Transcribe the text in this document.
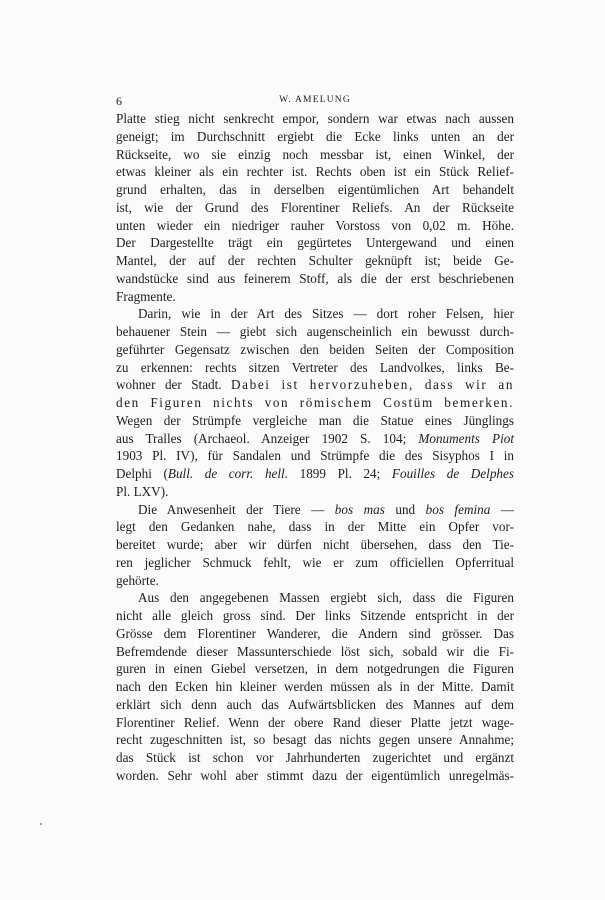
6	W. AMELUNG

Platte stieg nicht senkrecht empor, sondern war etwas nach aussen
geneigt; im Durchschnitt ergiebt die Ecke links unten an der
Rückseite, wo sie einzig noch messbar ist, einen Winkel, der
etwas kleiner als ein rechter ist. Rechts oben ist ein Stück Relief-
grund erhalten, das in derselben eigentümlichen Art behandelt
ist, wie der Grund des Florentiner Reliefs. An der Rückseite
unten wieder ein niedriger rauher Vorstoss von 0,02 m. Höhe.
Der Dargestellte trägt ein gegürtetes Untergewand und einen
Mantel, der auf der rechten Schulter geknüpft ist; beide Ge-
wandstücke sind aus feinerem Stoff, als die der erst beschriebenen
Fragmente.

Darin, wie in der Art des Sitzes — dort roher Felsen, hier
behauener Stein — giebt sich augenscheinlich ein bewusst durch-
geführter Gegensatz zwischen den beiden Seiten der Composition
zu erkennen: rechts sitzen Vertreter des Landvolkes, links Be-
wohner der Stadt. Dabei ist hervorzuheben, dass wir an
den Figuren nichts von römischem Costüm bemerken.
Wegen der Strümpfe vergleiche man die Statue eines Jünglings
aus Tralles (Archaeol. Anzeiger 1902 S. 104; Monuments Piot
1903 Pl. IV), für Sandalen und Strümpfe die des Sisyphos I in
Delphi (Bull. de corr. hell. 1899 Pl. 24; Fouilles de Delphes
Pl. LXV).

Die Anwesenheit der Tiere — bos mas und bos femina —
legt den Gedanken nahe, dass in der Mitte ein Opfer vor-
bereitet wurde; aber wir dürfen nicht übersehen, dass den Tie-
ren jeglicher Schmuck fehlt, wie er zum officiellen Opferritual
gehörte.

Aus den angegebenen Massen ergiebt sich, dass die Figuren
nicht alle gleich gross sind. Der links Sitzende entspricht in der
Grösse dem Florentiner Wanderer, die Andern sind grösser. Das
Befremdende dieser Massunterschiede löst sich, sobald wir die Fi-
guren in einen Giebel versetzen, in dem notgedrungen die Figuren
nach den Ecken hin kleiner werden müssen als in der Mitte. Damit
erklärt sich denn auch das Aufwärtsblicken des Mannes auf dem
Florentiner Relief. Wenn der obere Rand dieser Platte jetzt wage-
recht zugeschnitten ist, so besagt das nichts gegen unsere Annahme;
das Stück ist schon vor Jahrhunderten zugerichtet und ergänzt
worden. Sehr wohl aber stimmt dazu der eigentümlich unregelmäs-
